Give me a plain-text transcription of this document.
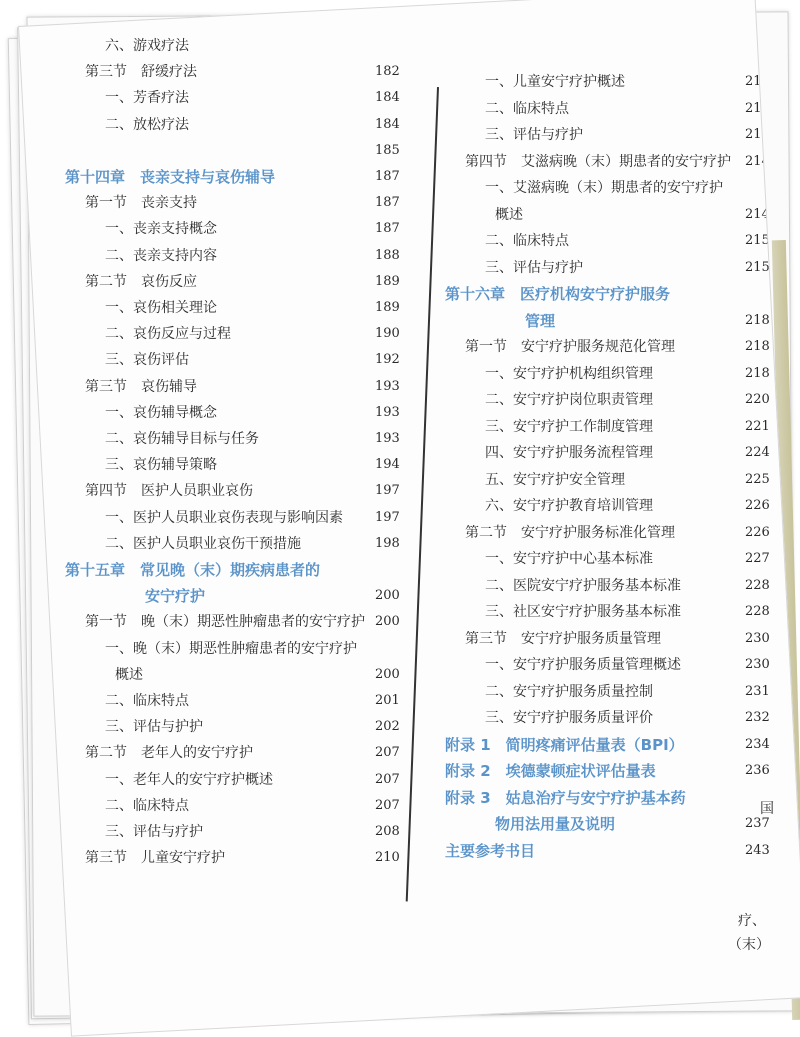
六、游戏疗法
第三节　舒缓疗法	182
一、芳香疗法	184
二、放松疗法	184
185
第十四章　丧亲支持与哀伤辅导	187
第一节　丧亲支持	187
一、丧亲支持概念	187
二、丧亲支持内容	188
第二节　哀伤反应	189
一、哀伤相关理论	189
二、哀伤反应与过程	190
三、哀伤评估	192
第三节　哀伤辅导	193
一、哀伤辅导概念	193
二、哀伤辅导目标与任务	193
三、哀伤辅导策略	194
第四节　医护人员职业哀伤	197
一、医护人员职业哀伤表现与影响因素 197
二、医护人员职业哀伤干预措施	198
第十五章　常见晚（末）期疾病患者的
安宁疗护	200
第一节　晚（末）期恶性肿瘤患者的安宁疗护 200
一、晚（末）期恶性肿瘤患者的安宁疗护
概述	200
二、临床特点	201
三、评估与护护	202
第二节　老年人的安宁疗护	207
一、老年人的安宁疗护概述	207
二、临床特点	207
三、评估与疗护	208
第三节　儿童安宁疗护	210
一、儿童安宁疗护概述	21
二、临床特点	21
三、评估与疗护	212
第四节　艾滋病晚（末）期患者的安宁疗护 214
一、艾滋病晚（末）期患者的安宁疗护
概述	214
二、临床特点	215
三、评估与疗护	215
第十六章　医疗机构安宁疗护服务
管理	218
第一节　安宁疗护服务规范化管理	218
一、安宁疗护机构组织管理	218
二、安宁疗护岗位职责管理	220
三、安宁疗护工作制度管理	221
四、安宁疗护服务流程管理	224
五、安宁疗护安全管理	225
六、安宁疗护教育培训管理	226
第二节　安宁疗护服务标准化管理	226
一、安宁疗护中心基本标准	227
二、医院安宁疗护服务基本标准	228
三、社区安宁疗护服务基本标准	228
第三节　安宁疗护服务质量管理	230
一、安宁疗护服务质量管理概述	230
二、安宁疗护服务质量控制	231
三、安宁疗护服务质量评价	232
附录 1　简明疼痛评估量表（BPI）	234
附录 2　埃德蒙顿症状评估量表	236
附录 3　姑息治疗与安宁疗护基本药
物用法用量及说明	237
主要参考书目	243
疗、
（末）
国
